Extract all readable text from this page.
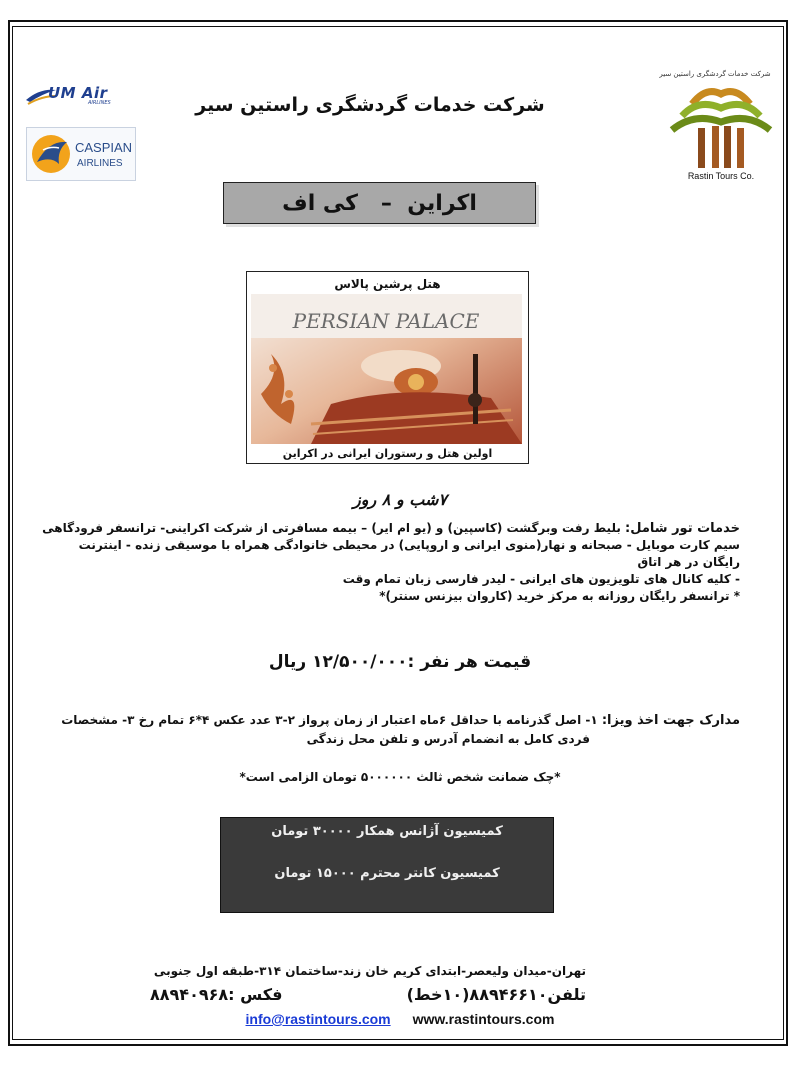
UM Air
AIRLINES
CASPIAN
AIRLINES
شرکت خدمات گردشگری راستین سیر
Rastin Tours Co.
شرکت خدمات گردشگری راستین سیر
اکراین  –   کی اف
هتل پرشین پالاس
PERSIAN PALACE
اولین هتل و رستوران ایرانی در اکراین
۷شب و ۸ روز
خدمات تور شامل: بلیط رفت وبرگشت (کاسپین) و (یو ام ایر) – بیمه مسافرتی از شرکت اکراینی- ترانسفر فرودگاهی
سیم کارت موبایل - صبحانه و نهار(منوی ایرانی و اروپایی) در محیطی خانوادگی همراه با موسیقی زنده - اینترنت رایگان در هر اتاق
- کلیه کانال های تلویزیون های ایرانی - لیدر فارسی زبان تمام وقت
* ترانسفر رایگان روزانه به مرکز خرید (کاروان بیزنس سنتر)*
قیمت هر نفر :۱۲/۵۰۰/۰۰۰ ریال
مدارک جهت اخذ ویزا: ۱- اصل گذرنامه با حداقل ۶ماه اعتبار از زمان پرواز ۲-۳ عدد عکس ۴*۶ تمام رخ ۳- مشخصات
فردی کامل به انضمام آدرس و تلفن محل زندگی
*چک ضمانت شخص ثالث ۵۰۰۰۰۰۰ تومان الزامی است*
کمیسیون آژانس همکار ۳۰۰۰۰ تومان
کمیسیون کانتر محترم ۱۵۰۰۰ تومان
تهران-میدان ولیعصر-ابتدای کریم خان زند-ساختمان ۳۱۴-طبقه اول جنوبی
تلفن۸۸۹۴۶۶۱۰(۱۰خط)
فکس :۸۸۹۴۰۹۶۸
info@rastintours.com www.rastintours.com
